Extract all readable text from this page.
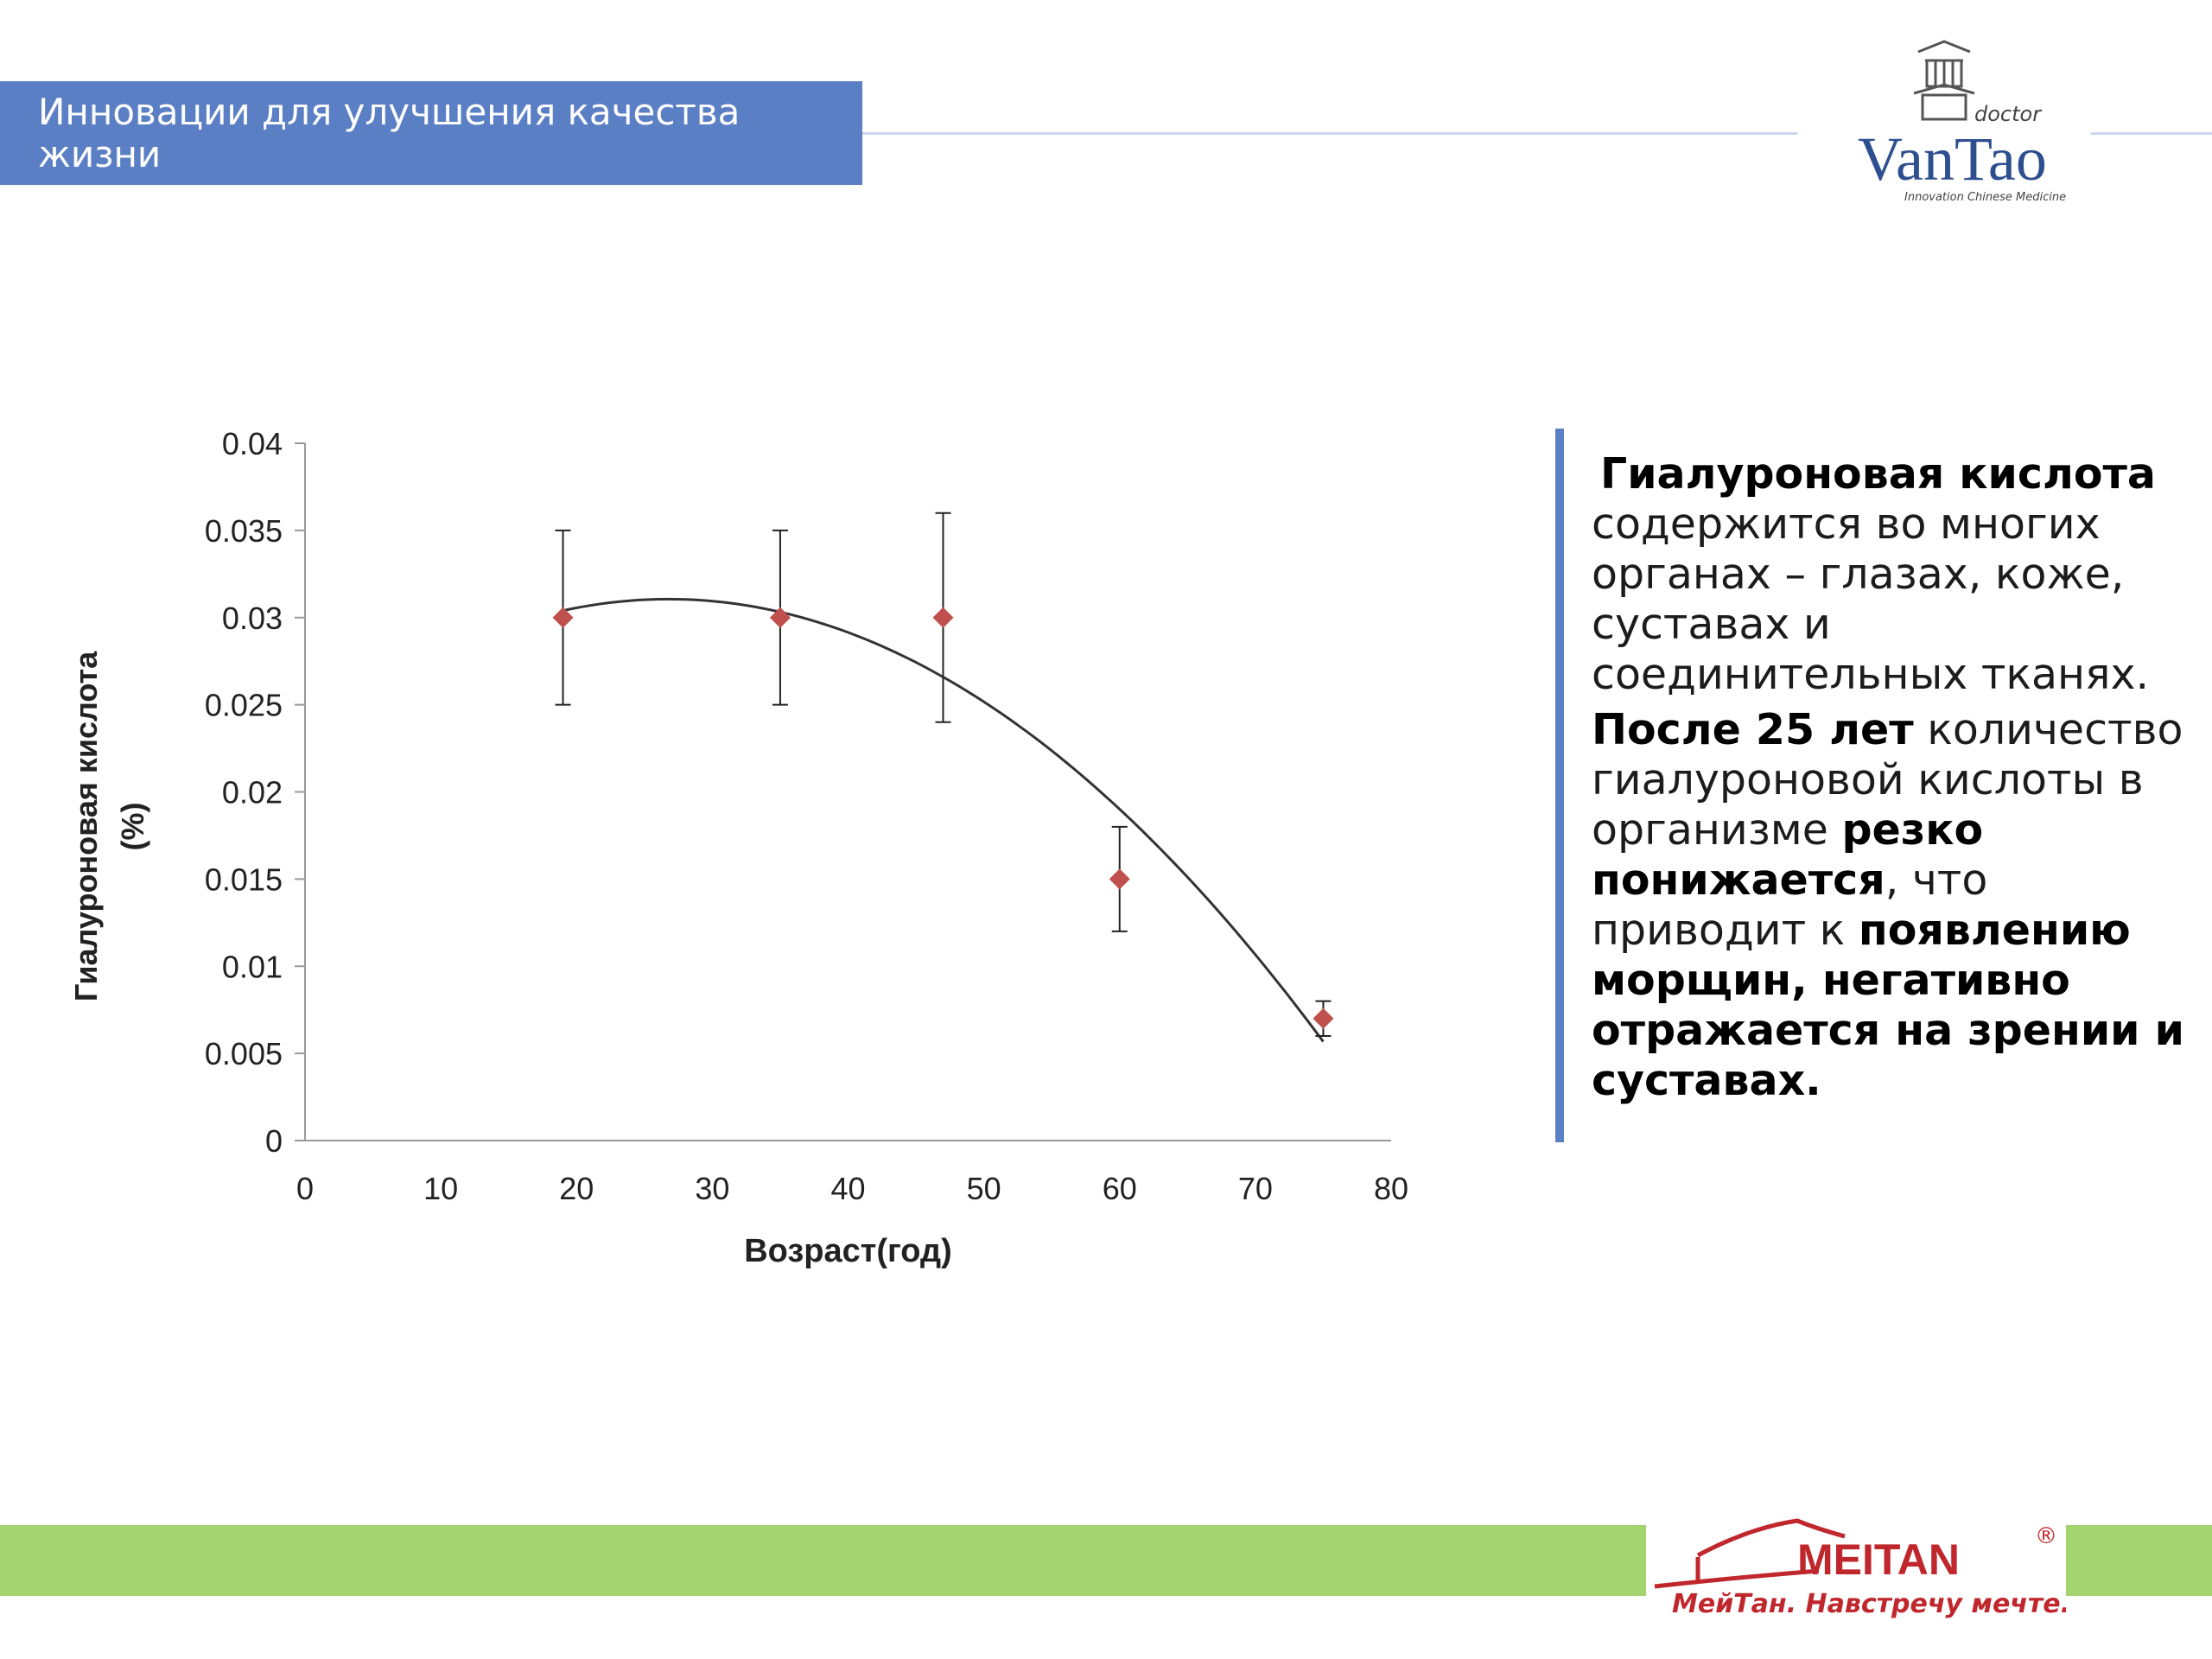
Инновации для улучшения качества жизни
doctor
VanTao
Innovation Chinese Medicine
0
0.005
0.01
0.015
0.02
0.025
0.03
0.035
0.04
0	10	20	30	40	50	60	70	80
Возраст(год)
Гиалуроновая кислота (%)

Гиалуроновая кислота содержится во многих органах – глазах, коже, суставах и соединительных тканях.

После 25 лет количество гиалуроновой кислоты в организме резко понижается, что приводит к появлению морщин, негативно отражается на зрении и суставах.

MEITAN	®
МейТан. Навстречу мечте.
